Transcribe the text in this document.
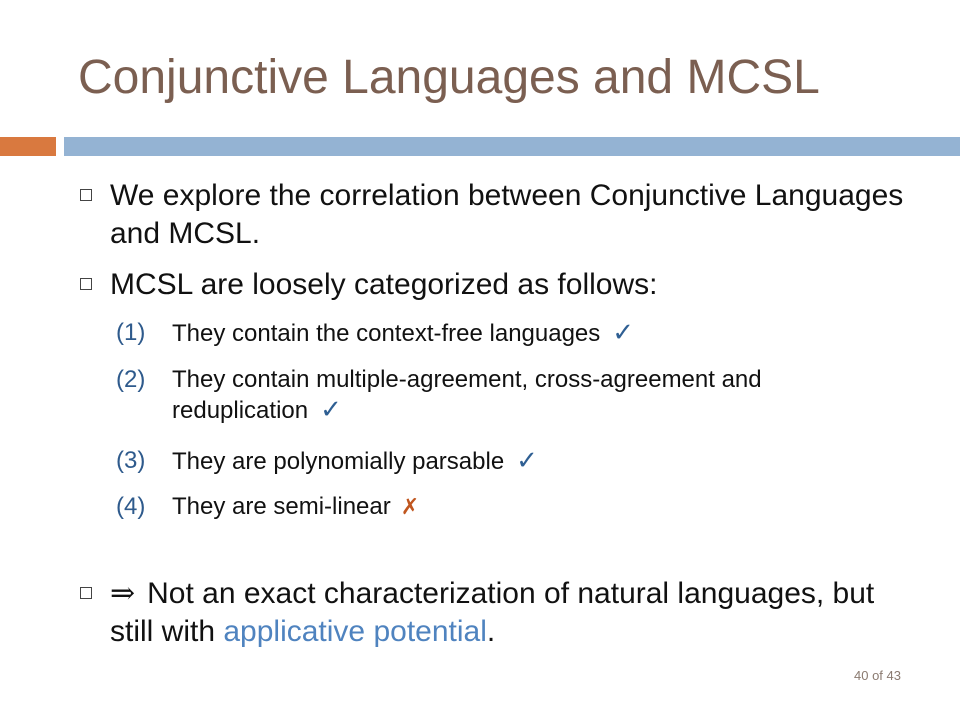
Conjunctive Languages and MCSL
We explore the correlation between Conjunctive Languages and MCSL.
MCSL are loosely categorized as follows:
(1) They contain the context-free languages ✓
(2) They contain multiple-agreement, cross-agreement and reduplication ✓
(3) They are polynomially parsable ✓
(4) They are semi-linear ✗
⇒ Not an exact characterization of natural languages, but still with applicative potential.
40 of 43
